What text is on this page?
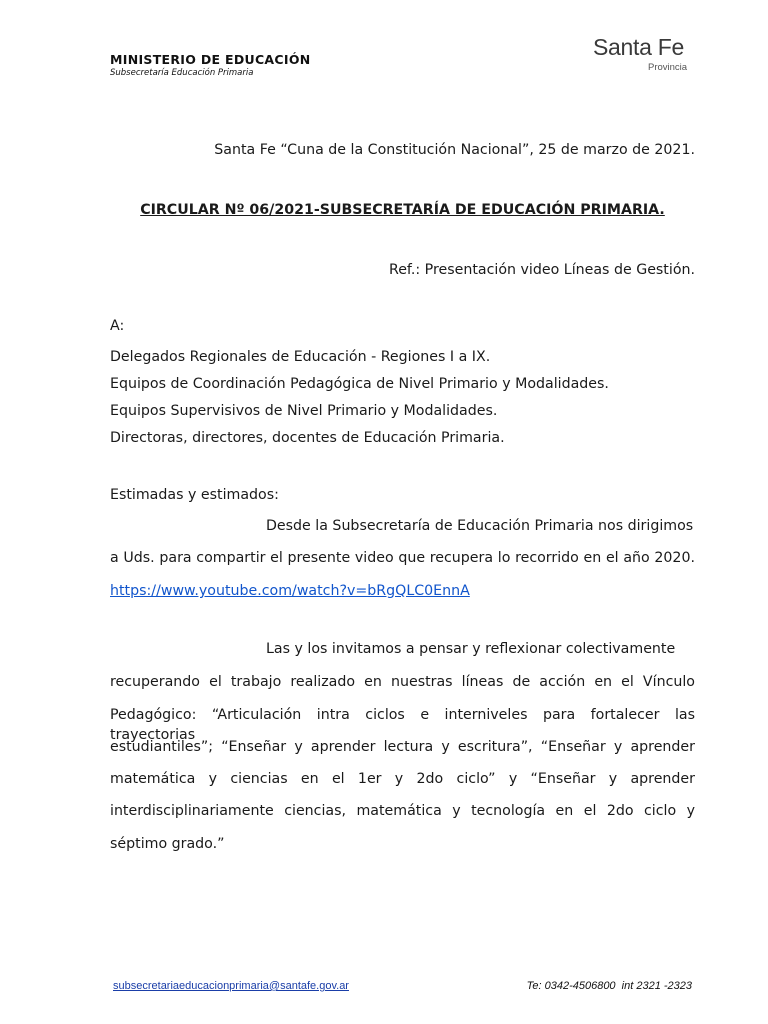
MINISTERIO DE EDUCACIÓN
Subsecretaría Educación Primaria
Santa Fe
Provincia
Santa Fe “Cuna de la Constitución Nacional”, 25 de marzo de 2021.
CIRCULAR Nº 06/2021-SUBSECRETARÍA DE EDUCACIÓN PRIMARIA.
Ref.: Presentación video Líneas de Gestión.
A:
Delegados Regionales de Educación - Regiones I a IX.
Equipos de Coordinación Pedagógica de Nivel Primario y Modalidades.
Equipos Supervisivos de Nivel Primario y Modalidades.
Directoras, directores, docentes de Educación Primaria.
Estimadas y estimados:
Desde la Subsecretaría de Educación Primaria nos dirigimos
a Uds. para compartir el presente video que recupera lo recorrido en el año 2020.
https://www.youtube.com/watch?v=bRgQLC0EnnA
Las y los invitamos a pensar y reflexionar colectivamente
recuperando el trabajo realizado en nuestras líneas de acción en el Vínculo
Pedagógico: “Articulación intra ciclos e interniveles para fortalecer las trayectorias
estudiantiles”; “Enseñar y aprender lectura y escritura”, “Enseñar y aprender
matemática y ciencias en el 1er y 2do ciclo” y “Enseñar y aprender
interdisciplinariamente ciencias, matemática y tecnología en el 2do ciclo y
séptimo grado.”
subsecretariaeducacionprimaria@santafe.gov.ar	Te: 0342-4506800  int 2321 -2323
